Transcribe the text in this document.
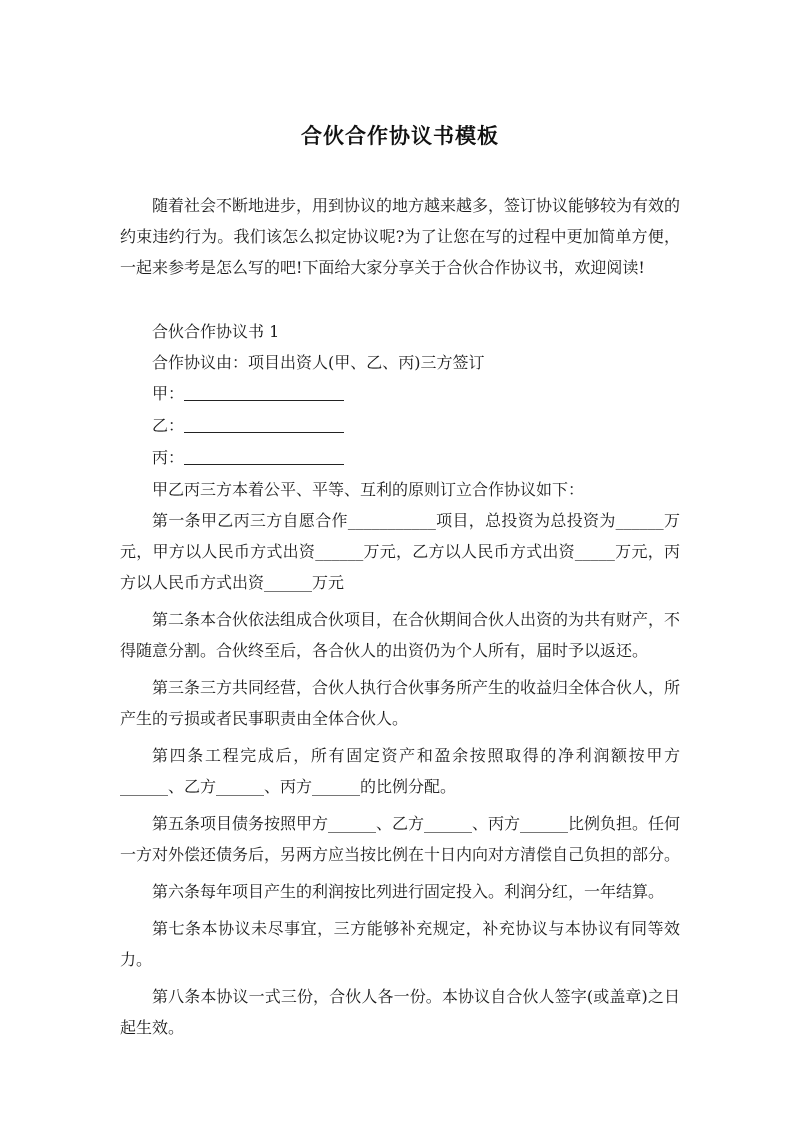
合伙合作协议书模板

随着社会不断地进步，用到协议的地方越来越多，签订协议能够较为有效的约束违约行为。我们该怎么拟定协议呢?为了让您在写的过程中更加简单方便，一起来参考是怎么写的吧!下面给大家分享关于合伙合作协议书，欢迎阅读!

合伙合作协议书 1

合作协议由：项目出资人(甲、乙、丙)三方签订

甲：

乙：

丙：

甲乙丙三方本着公平、平等、互利的原则订立合作协议如下：

第一条甲乙丙三方自愿合作___________项目，总投资为总投资为______万元，甲方以人民币方式出资______万元，乙方以人民币方式出资_____万元，丙方以人民币方式出资______万元

第二条本合伙依法组成合伙项目，在合伙期间合伙人出资的为共有财产，不得随意分割。合伙终至后，各合伙人的出资仍为个人所有，届时予以返还。

第三条三方共同经营，合伙人执行合伙事务所产生的收益归全体合伙人，所产生的亏损或者民事职责由全体合伙人。

第四条工程完成后，所有固定资产和盈余按照取得的净利润额按甲方______、乙方______、丙方______的比例分配。

第五条项目债务按照甲方______、乙方______、丙方______比例负担。任何一方对外偿还债务后，另两方应当按比例在十日内向对方清偿自己负担的部分。

第六条每年项目产生的利润按比列进行固定投入。利润分红，一年结算。

第七条本协议未尽事宜，三方能够补充规定，补充协议与本协议有同等效力。

第八条本协议一式三份，合伙人各一份。本协议自合伙人签字(或盖章)之日起生效。
